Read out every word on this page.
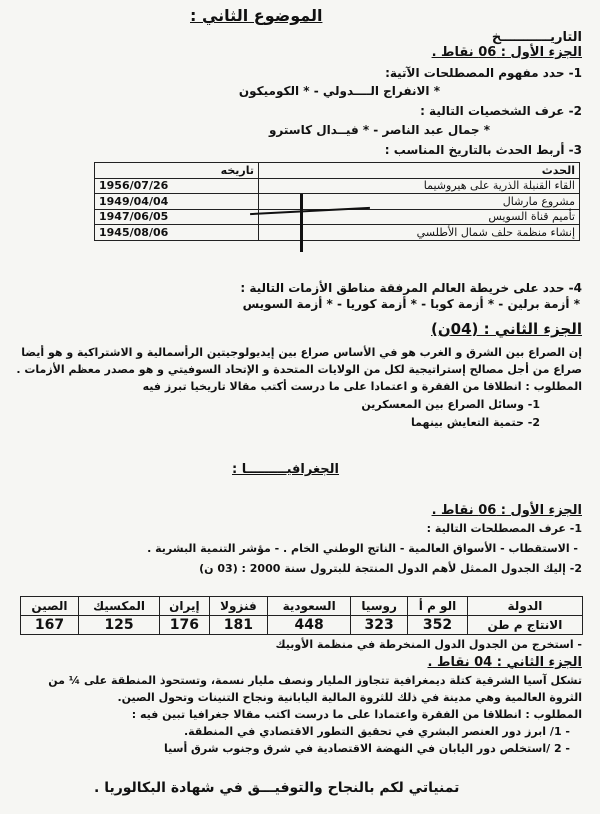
الموضوع الثاني :
التاريـــــــــــخ
الجزء الأول : 06 نقاط .
1- حدد مفهوم المصطلحات الآتية:
* الانفراج الــــدولي - * الكوميكون
2- عرف الشخصيات التالية :
* جمال عبد الناصر - * فيــدال كاسترو
3- أربط الحدث بالتاريخ المناسب :
الحدث	تاريخه
القاء القنبلة الذرية على هيروشيما	1956/07/26
مشروع مارشال	1949/04/04
تأميم قناة السويس	1947/06/05
إنشاء منظمة حلف شمال الأطلسي	1945/08/06
4- حدد على خريطة العالم المرفقة مناطق الأزمات التالية :
* أزمة برلين - * أزمة كوبا - * أزمة كوريا - * أزمة السويس
الجزء الثاني : (04ن)
إن الصراع بين الشرق و الغرب هو في الأساس صراع بين إيديولوجيتين الرأسمالية و الاشتراكية و هو أيضا
صراع من أجل مصالح إستراتيجية لكل من الولايات المتحدة و الإتحاد السوفيتي و هو مصدر معظم الأزمات .
المطلوب : انطلاقا من الفقرة و اعتمادا على ما درست أكتب مقالا تاريخيا تبرز فيه
1- وسائل الصراع بين المعسكرين
2- حتمية التعايش بينهما
الجغرافيـــــــــا :
الجزء الأول : 06 نقاط .
1- عرف المصطلحات التالية :
- الاستقطاب - الأسواق العالمية - الناتج الوطني الخام . - مؤشر التنمية البشرية .
2- إليك الجدول الممثل لأهم الدول المنتجة للبترول سنة 2000 : (03 ن)
الدولة	الو م أ	روسيا	السعودية	فنزولا	إيران	المكسيك	الصين
الانتاج م طن	352	323	448	181	176	125	167
- استخرج من الجدول الدول المنخرطة في منظمة الأوبيك
الجزء الثاني : 04 نقاط .
تشكل آسيا الشرقية كتلة ديمغرافية تتجاوز المليار ونصف مليار نسمة، وتستحوذ المنطقة على ¼ من
الثروة العالمية وهي مدينة في ذلك للثروة المالية اليابانية ونجاح التنينات وتحول الصين.
المطلوب : انطلاقا من الفقرة واعتمادا على ما درست اكتب مقالا جغرافيا تبين فيه :
- 1/ ابرز دور العنصر البشري في تحقيق التطور الاقتصادي في المنطقة.
- 2 /استخلص دور اليابان في النهضة الاقتصادية في شرق وجنوب شرق أسيا
تمنياتي لكم بالنجاح والتوفيـــق في شهادة البكالوريا .
